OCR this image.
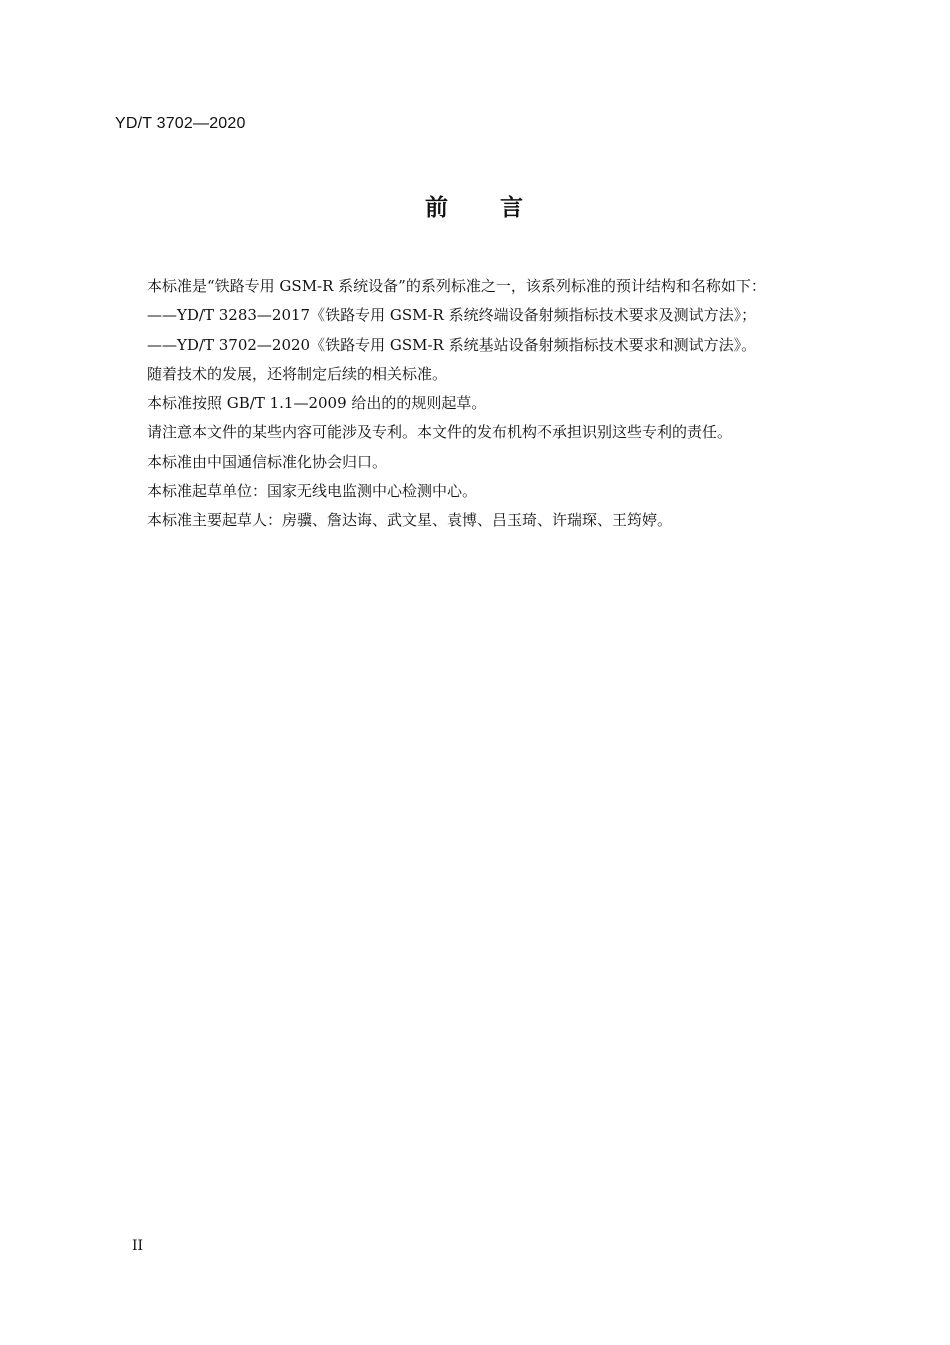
YD/T 3702—2020
前　　言
本标准是“铁路专用 GSM-R 系统设备”的系列标准之一，该系列标准的预计结构和名称如下：
——YD/T 3283—2017《铁路专用 GSM-R 系统终端设备射频指标技术要求及测试方法》；
——YD/T 3702—2020《铁路专用 GSM-R 系统基站设备射频指标技术要求和测试方法》。
随着技术的发展，还将制定后续的相关标准。
本标准按照 GB/T 1.1—2009 给出的的规则起草。
请注意本文件的某些内容可能涉及专利。本文件的发布机构不承担识别这些专利的责任。
本标准由中国通信标准化协会归口。
本标准起草单位：国家无线电监测中心检测中心。
本标准主要起草人：房骥、詹达诲、武文星、袁博、吕玉琦、许瑞琛、王筠婷。
II
